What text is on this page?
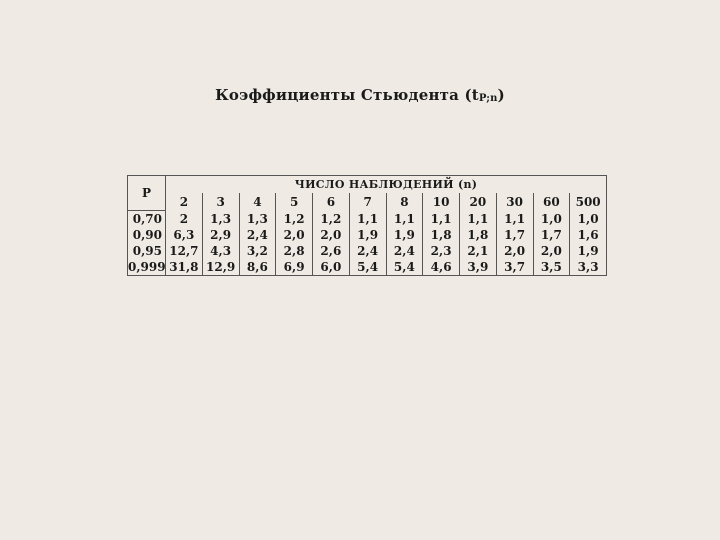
Коэффициенты Стьюдента $(t_{P;n})$
P	ЧИСЛО НАБЛЮДЕНИЙ (n)											
	2	3	4	5	6	7	8	10	20	30	60	500
0,70	2	1,3	1,3	1,2	1,2	1,1	1,1	1,1	1,1	1,1	1,0	1,0
0,90	6,3	2,9	2,4	2,0	2,0	1,9	1,9	1,8	1,8	1,7	1,7	1,6
0,95	12,7	4,3	3,2	2,8	2,6	2,4	2,4	2,3	2,1	2,0	2,0	1,9
0,999	31,8	12,9	8,6	6,9	6,0	5,4	5,4	4,6	3,9	3,7	3,5	3,3
